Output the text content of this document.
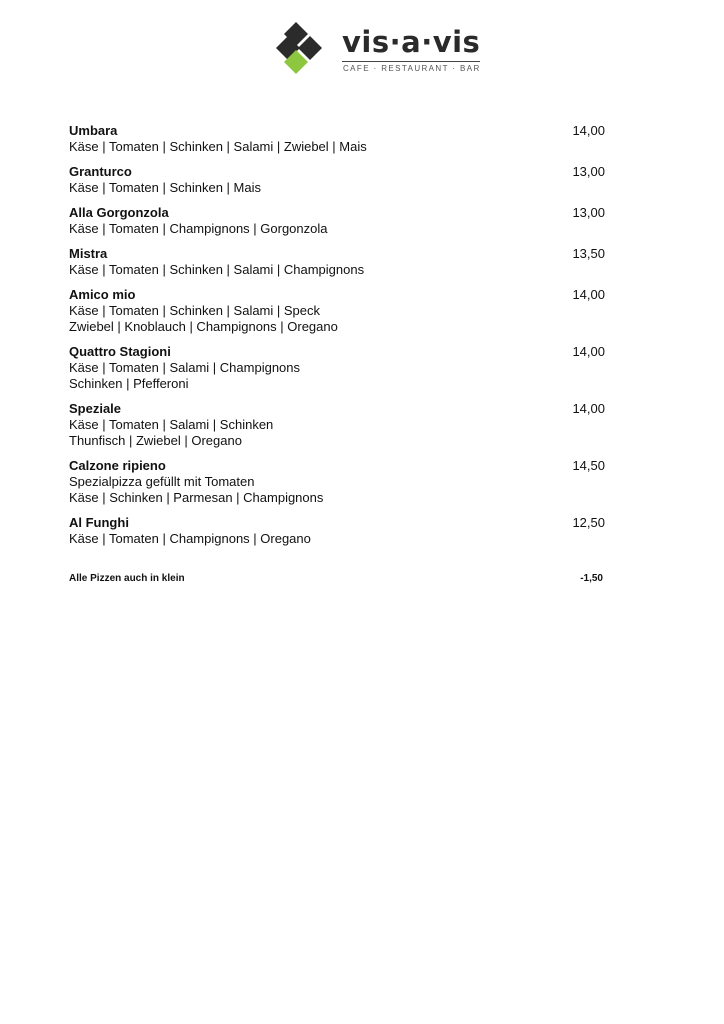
vis·a·vis
CAFE · RESTAURANT · BAR
Umbara	14,00
Käse | Tomaten | Schinken | Salami | Zwiebel | Mais
Granturco	13,00
Käse | Tomaten | Schinken | Mais
Alla Gorgonzola	13,00
Käse | Tomaten | Champignons | Gorgonzola
Mistra	13,50
Käse | Tomaten | Schinken | Salami | Champignons
Amico mio	14,00
Käse | Tomaten | Schinken | Salami | Speck
Zwiebel | Knoblauch | Champignons | Oregano
Quattro Stagioni	14,00
Käse | Tomaten | Salami | Champignons
Schinken | Pfefferoni
Speziale	14,00
Käse | Tomaten | Salami | Schinken
Thunfisch | Zwiebel | Oregano
Calzone ripieno	14,50
Spezialpizza gefüllt mit Tomaten
Käse | Schinken | Parmesan | Champignons
Al Funghi	12,50
Käse | Tomaten | Champignons | Oregano
Alle Pizzen auch in klein	-1,50
